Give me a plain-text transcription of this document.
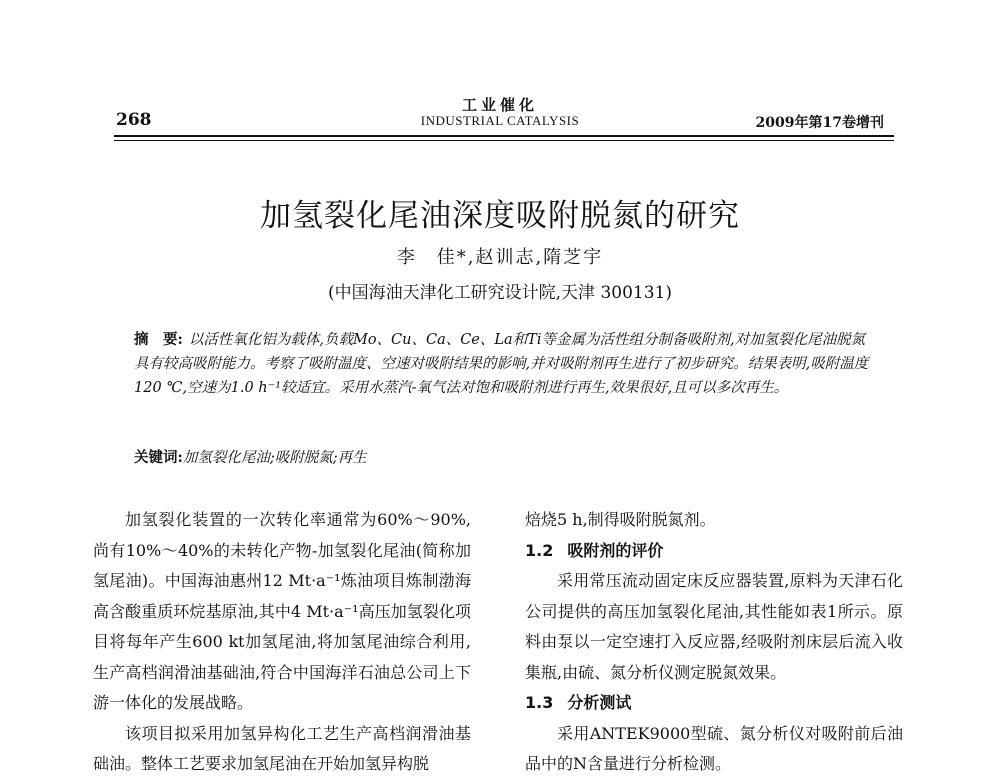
268
工业催化
INDUSTRIAL CATALYSIS	2009年第17卷增刊
加氢裂化尾油深度吸附脱氮的研究
李　佳*,赵训志,隋芝宇
(中国海油天津化工研究设计院,天津 300131)
摘　要: 以活性氧化铝为载体,负载Mo、Cu、Ca、Ce、La和Ti等金属为活性组分制备吸附剂,对加氢裂化尾油脱氮具有较高吸附能力。考察了吸附温度、空速对吸附结果的影响,并对吸附剂再生进行了初步研究。结果表明,吸附温度120 ℃,空速为1.0 h⁻¹较适宜。采用水蒸汽-氧气法对饱和吸附剂进行再生,效果很好,且可以多次再生。
关键词:加氢裂化尾油;吸附脱氮;再生

加氢裂化装置的一次转化率通常为60%～90%,尚有10%～40%的未转化产物-加氢裂化尾油(简称加氢尾油)。中国海油惠州12 Mt·a⁻¹炼油项目炼制渤海高含酸重质环烷基原油,其中4 Mt·a⁻¹高压加氢裂化项目将每年产生600 kt加氢尾油,将加氢尾油综合利用,生产高档润滑油基础油,符合中国海洋石油总公司上下游一体化的发展战略。

该项目拟采用加氢异构化工艺生产高档润滑油基础油。整体工艺要求加氢尾油在开始加氢异构脱

焙烧5 h,制得吸附脱氮剂。

1.2 吸附剂的评价

采用常压流动固定床反应器装置,原料为天津石化公司提供的高压加氢裂化尾油,其性能如表1所示。原料由泵以一定空速打入反应器,经吸附剂床层后流入收集瓶,由硫、氮分析仪测定脱氮效果。

1.3 分析测试

采用ANTEK9000型硫、氮分析仪对吸附前后油品中的N含量进行分析检测。
